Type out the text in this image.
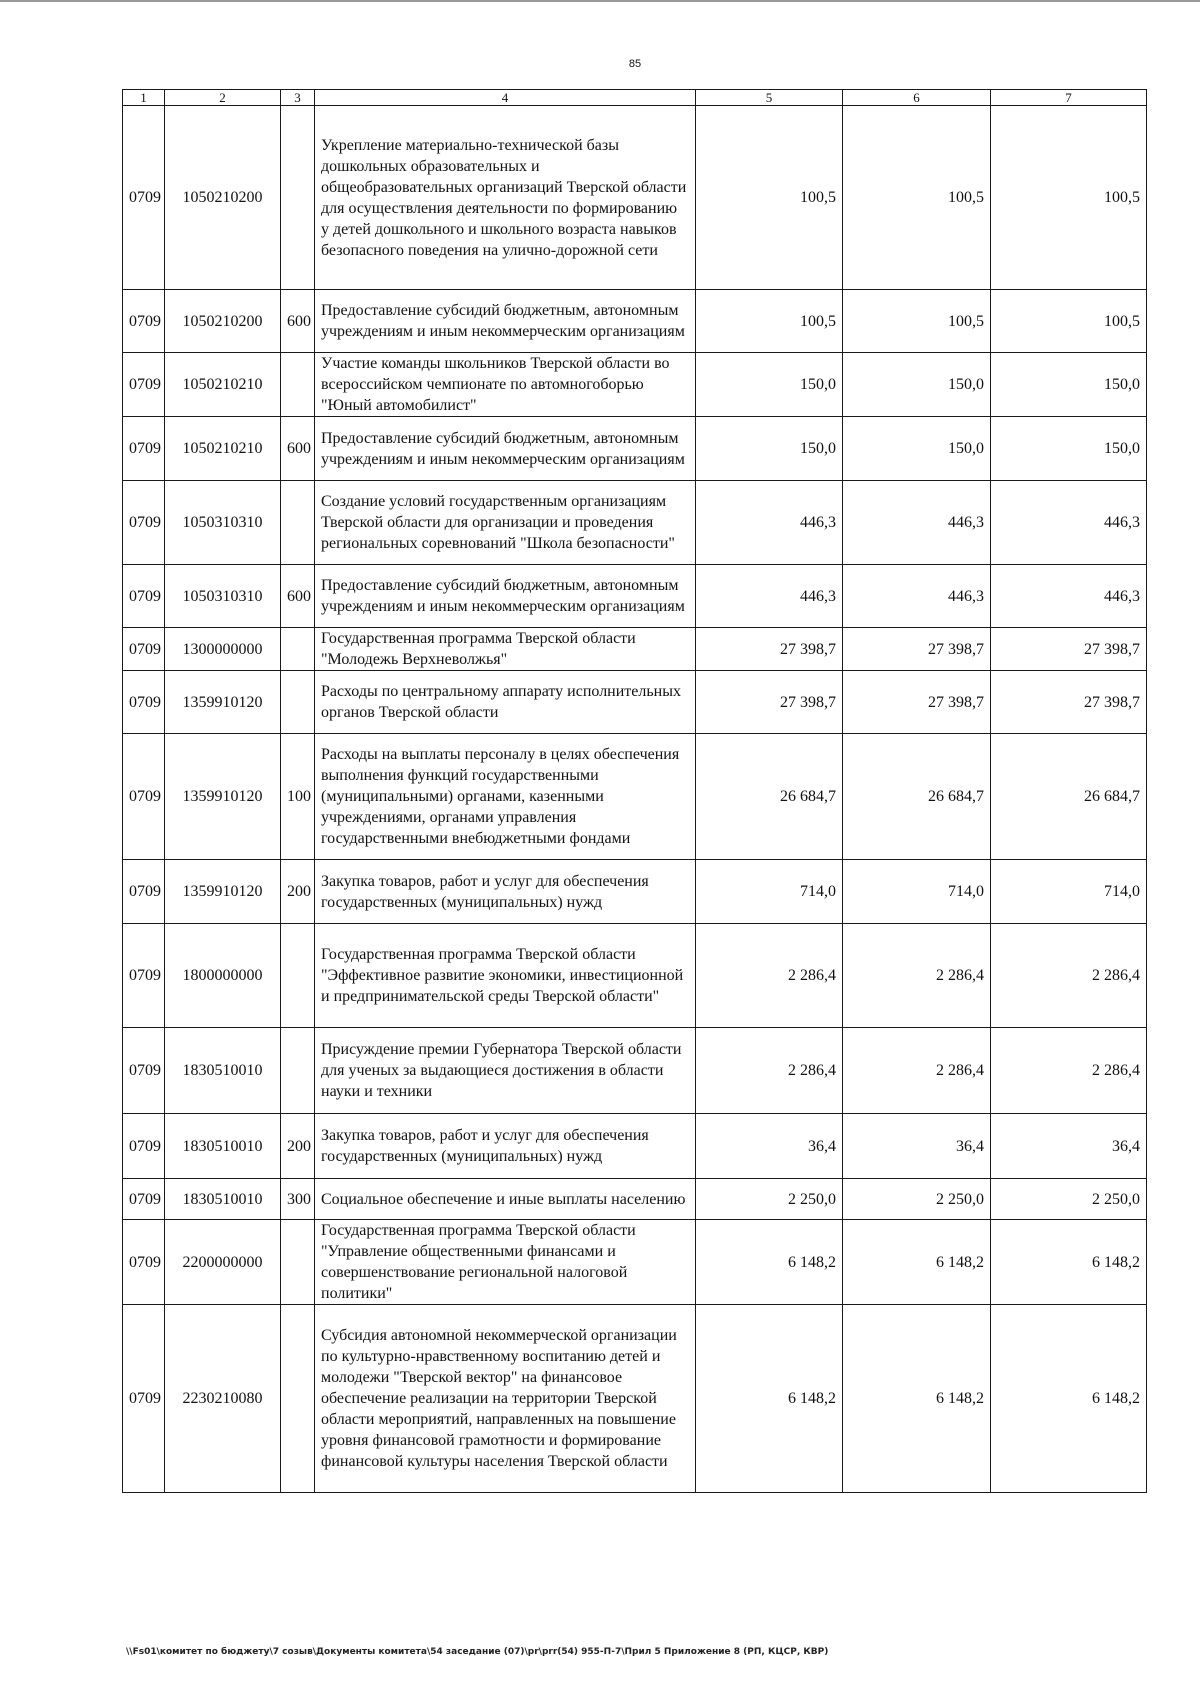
85
1	2	3	4	5	6	7
0709	1050210200		Укрепление материально-технической базы дошкольных образовательных и общеобразовательных организаций Тверской области для осуществления деятельности по формированию у детей дошкольного и школьного возраста навыков безопасного поведения на улично-дорожной сети	100,5	100,5	100,5
0709	1050210200	600	Предоставление субсидий бюджетным, автономным учреждениям и иным некоммерческим организациям	100,5	100,5	100,5
0709	1050210210		Участие команды школьников Тверской области во всероссийском чемпионате по автомногоборью "Юный автомобилист"	150,0	150,0	150,0
0709	1050210210	600	Предоставление субсидий бюджетным, автономным учреждениям и иным некоммерческим организациям	150,0	150,0	150,0
0709	1050310310		Создание условий государственным организациям Тверской области для организации и проведения региональных соревнований "Школа безопасности"	446,3	446,3	446,3
0709	1050310310	600	Предоставление субсидий бюджетным, автономным учреждениям и иным некоммерческим организациям	446,3	446,3	446,3
0709	1300000000		Государственная программа Тверской области "Молодежь Верхневолжья"	27 398,7	27 398,7	27 398,7
0709	1359910120		Расходы по центральному аппарату исполнительных органов Тверской области	27 398,7	27 398,7	27 398,7
0709	1359910120	100	Расходы на выплаты персоналу в целях обеспечения выполнения функций государственными (муниципальными) органами, казенными учреждениями, органами управления государственными внебюджетными фондами	26 684,7	26 684,7	26 684,7
0709	1359910120	200	Закупка товаров, работ и услуг для обеспечения государственных (муниципальных) нужд	714,0	714,0	714,0
0709	1800000000		Государственная программа Тверской области "Эффективное развитие экономики, инвестиционной и предпринимательской среды Тверской области"	2 286,4	2 286,4	2 286,4
0709	1830510010		Присуждение премии Губернатора Тверской области для ученых за выдающиеся достижения в области науки и техники	2 286,4	2 286,4	2 286,4
0709	1830510010	200	Закупка товаров, работ и услуг для обеспечения государственных (муниципальных) нужд	36,4	36,4	36,4
0709	1830510010	300	Социальное обеспечение и иные выплаты населению	2 250,0	2 250,0	2 250,0
0709	2200000000		Государственная программа Тверской области "Управление общественными финансами и совершенствование региональной налоговой политики"	6 148,2	6 148,2	6 148,2
0709	2230210080		Субсидия автономной некоммерческой организации по культурно-нравственному воспитанию детей и молодежи "Тверской вектор" на финансовое обеспечение реализации на территории Тверской области мероприятий, направленных на повышение уровня финансовой грамотности и формирование финансовой культуры населения Тверской области	6 148,2	6 148,2	6 148,2
\\Fs01\комитет по бюджету\7 созыв\Документы комитета\54 заседание (07)\pr\prr(54) 955-П-7\Прил 5 Приложение 8 (РП, КЦСР, КВР)
